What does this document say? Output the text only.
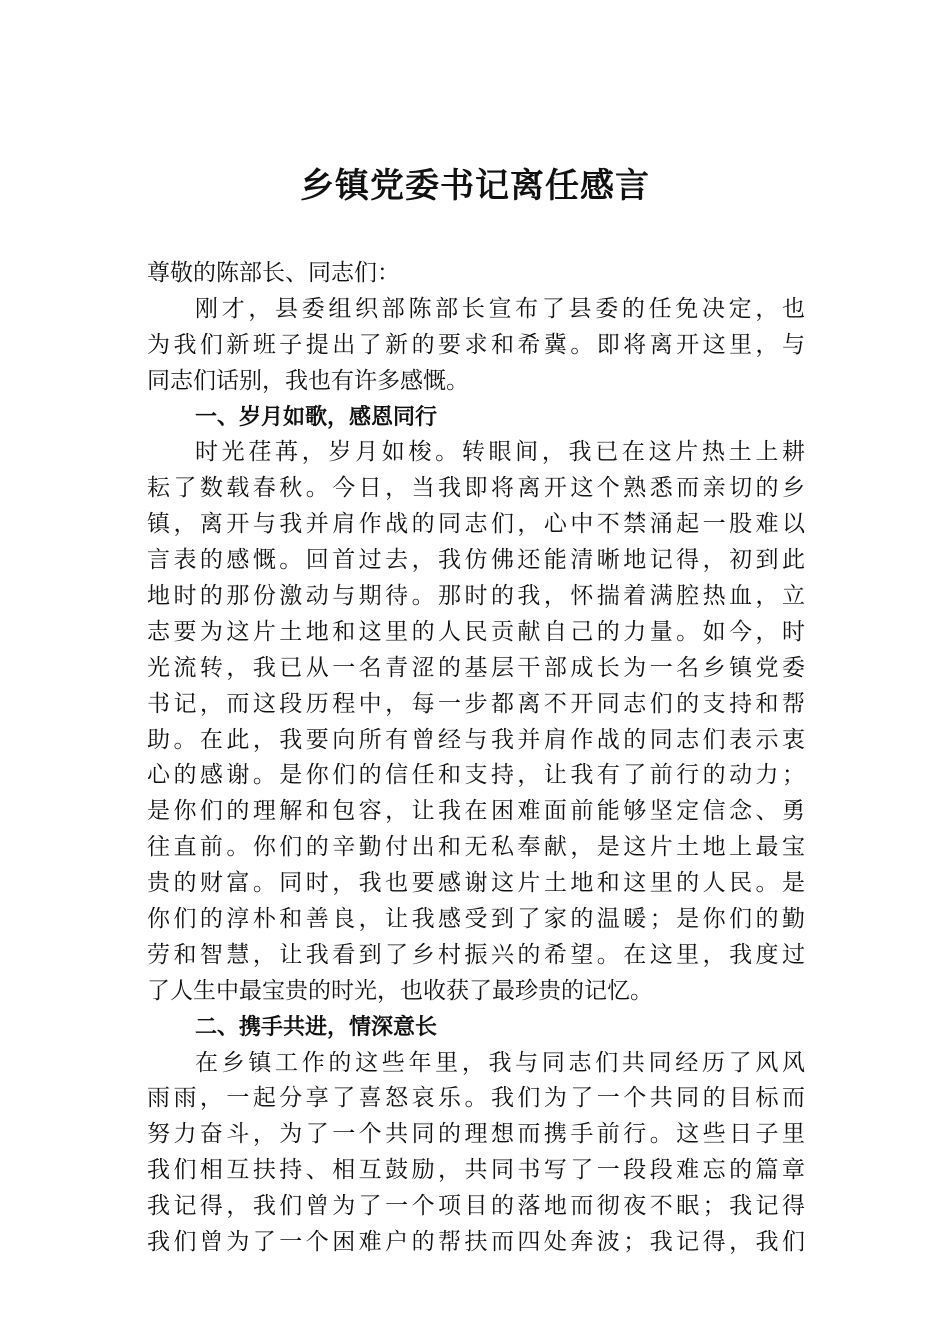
乡镇党委书记离任感言
尊敬的陈部长、同志们：
刚才，县委组织部陈部长宣布了县委的任免决定，也
为我们新班子提出了新的要求和希冀。即将离开这里，与
同志们话别，我也有许多感慨。
一、岁月如歌，感恩同行
时光荏苒，岁月如梭。转眼间，我已在这片热土上耕
耘了数载春秋。今日，当我即将离开这个熟悉而亲切的乡
镇，离开与我并肩作战的同志们，心中不禁涌起一股难以
言表的感慨。回首过去，我仿佛还能清晰地记得，初到此
地时的那份激动与期待。那时的我，怀揣着满腔热血，立
志要为这片土地和这里的人民贡献自己的力量。如今，时
光流转，我已从一名青涩的基层干部成长为一名乡镇党委
书记，而这段历程中，每一步都离不开同志们的支持和帮
助。在此，我要向所有曾经与我并肩作战的同志们表示衷
心的感谢。是你们的信任和支持，让我有了前行的动力；
是你们的理解和包容，让我在困难面前能够坚定信念、勇
往直前。你们的辛勤付出和无私奉献，是这片土地上最宝
贵的财富。同时，我也要感谢这片土地和这里的人民。是
你们的淳朴和善良，让我感受到了家的温暖；是你们的勤
劳和智慧，让我看到了乡村振兴的希望。在这里，我度过
了人生中最宝贵的时光，也收获了最珍贵的记忆。
二、携手共进，情深意长
在乡镇工作的这些年里，我与同志们共同经历了风风
雨雨，一起分享了喜怒哀乐。我们为了一个共同的目标而
努力奋斗，为了一个共同的理想而携手前行。这些日子里
我们相互扶持、相互鼓励，共同书写了一段段难忘的篇章
我记得，我们曾为了一个项目的落地而彻夜不眠；我记得
我们曾为了一个困难户的帮扶而四处奔波；我记得，我们
